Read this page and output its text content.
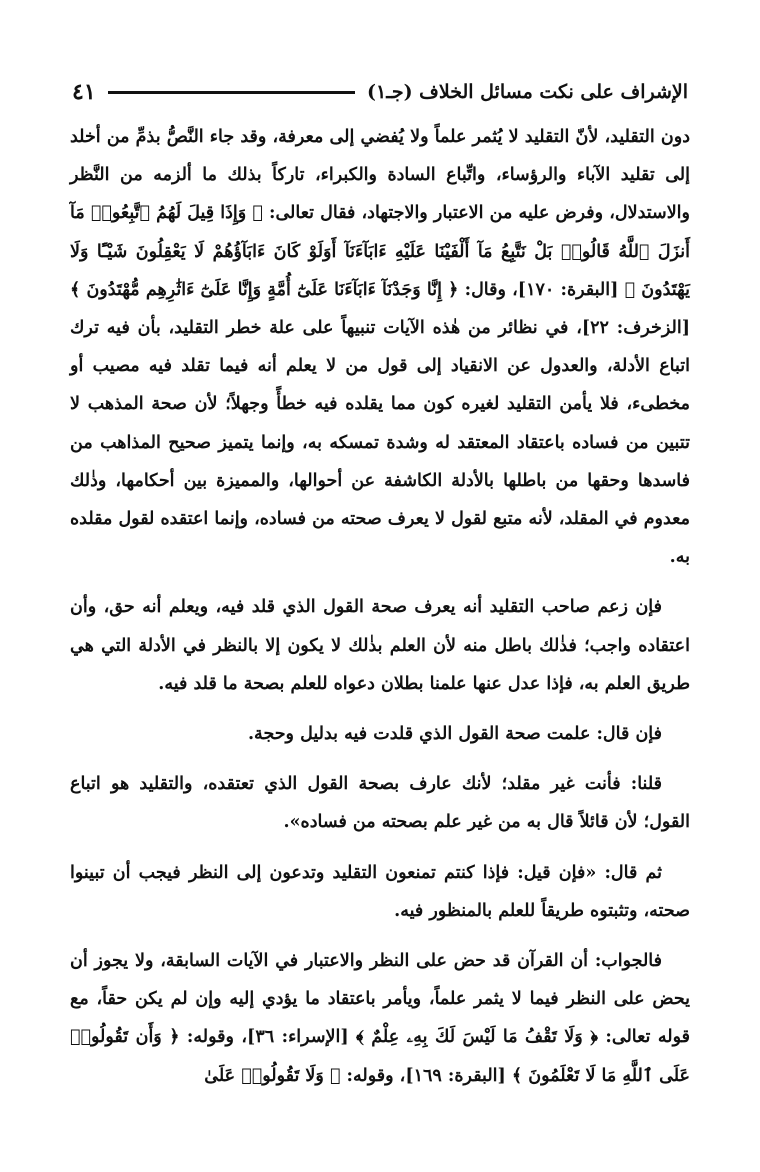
الإشراف على نكت مسائل الخلاف (جـ١)
٤١

دون التقليد، لأنّ التقليد لا يُثمر علماً ولا يُفضي إلى معرفة، وقد جاء النَّصُّ بذمِّ من أخلد إلى تقليد الآباء والرؤساء، واتِّباع السادة والكبراء، تاركاً بذلك ما ألزمه من النَّظر والاستدلال، وفرض عليه من الاعتبار والاجتهاد، فقال تعالى: ﴿ وَإِذَا قِيلَ لَهُمُ ٱتَّبِعُوا۟ مَآ أَنزَلَ ٱللَّهُ قَالُوا۟ بَلْ نَتَّبِعُ مَآ أَلْفَيْنَا عَلَيْهِ ءَابَآءَنَآ أَوَلَوْ كَانَ ءَابَآؤُهُمْ لَا يَعْقِلُونَ شَيْـًٔا وَلَا يَهْتَدُونَ ﴾ [البقرة: ١٧٠]، وقال: ﴿ إِنَّا وَجَدْنَآ ءَابَآءَنَا عَلَىٰٓ أُمَّةٍ وَإِنَّا عَلَىٰٓ ءَاثَٰرِهِم مُّهْتَدُونَ ﴾ [الزخرف: ٢٢]، في نظائر من هٰذه الآيات تنبيهاً على علة خطر التقليد، بأن فيه ترك اتباع الأدلة، والعدول عن الانقياد إلى قول من لا يعلم أنه فيما تقلد فيه مصيب أو مخطىء، فلا يأمن التقليد لغيره كون مما يقلده فيه خطأً وجهلاً؛ لأن صحة المذهب لا تتبين من فساده باعتقاد المعتقد له وشدة تمسكه به، وإنما يتميز صحيح المذاهب من فاسدها وحقها من باطلها بالأدلة الكاشفة عن أحوالها، والمميزة بين أحكامها، وذٰلك معدوم في المقلد، لأنه متبع لقول لا يعرف صحته من فساده، وإنما اعتقده لقول مقلده به.

فإن زعم صاحب التقليد أنه يعرف صحة القول الذي قلد فيه، ويعلم أنه حق، وأن اعتقاده واجب؛ فذٰلك باطل منه لأن العلم بذٰلك لا يكون إلا بالنظر في الأدلة التي هي طريق العلم به، فإذا عدل عنها علمنا بطلان دعواه للعلم بصحة ما قلد فيه.

فإن قال: علمت صحة القول الذي قلدت فيه بدليل وحجة.

قلنا: فأنت غير مقلد؛ لأنك عارف بصحة القول الذي تعتقده، والتقليد هو اتباع القول؛ لأن قائلاً قال به من غير علم بصحته من فساده».

ثم قال: «فإن قيل: فإذا كنتم تمنعون التقليد وتدعون إلى النظر فيجب أن تبينوا صحته، وتثبتوه طريقاً للعلم بالمنظور فيه.

فالجواب: أن القرآن قد حض على النظر والاعتبار في الآيات السابقة، ولا يجوز أن يحض على النظر فيما لا يثمر علماً، ويأمر باعتقاد ما يؤدي إليه وإن لم يكن حقاً، مع قوله تعالى: ﴿ وَلَا تَقْفُ مَا لَيْسَ لَكَ بِهِۦ عِلْمٌ ﴾ [الإسراء: ٣٦]، وقوله: ﴿ وَأَن تَقُولُوا۟ عَلَى ٱللَّهِ مَا لَا تَعْلَمُونَ ﴾ [البقرة: ١٦٩]، وقوله: ﴿ وَلَا تَقُولُوا۟ عَلَىٰ
